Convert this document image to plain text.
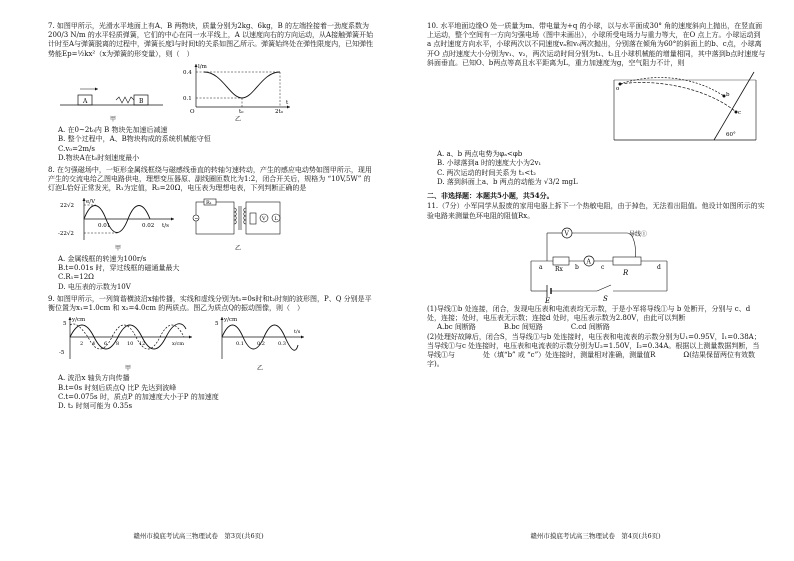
7. 如图甲所示，光滑水平地面上有A、B 两物块，质量分别为2kg、6kg，B 的左端拴接着一劲度系数为 200/3 N/m 的水平轻质弹簧，它们的中心在同一水平线上，A 以速度向右的方向运动，从A接触弹簧开始计时至A与弹簧脱离的过程中，弹簧长度l与时间t的关系如图乙所示。弹簧始终处在弹性限度内，已知弹性势能Ep=½kx²（x为弹簧的形变量），则（　）
A	B
甲
l/m
0.4
0.1
O	t₀	2t₀
t
乙
A. 在0~2t₀内 B 物块先加速后减速
B. 整个过程中，A、B物块构成的系统机械能守恒
C.v₀=2m/s
D.物块A在t₀时刻速度最小
8. 在匀强磁场中，一矩形金属线框绕与磁感线垂直的转轴匀速转动，产生的感应电动势如图甲所示，现用产生的交流电给乙图电路供电，理想变压器原、副线圈匝数比为1:2，闭合开关后，规格为 “10V,5W” 的灯泡L恰好正常发光，R₁为定值，R₂=20Ω，电压表为理想电表，下列判断正确的是
e/V
22√2
-22√2
0.01	0.02 t/s
甲
R₁
~	V L
乙
A. 金属线框的转速为100r/s
B.t=0.01s 时，穿过线框的磁通量最大
C.R₁=12Ω
D. 电压表的示数为10V
9. 如图甲所示，一列简谐横波沿x轴传播，实线和虚线分别为t₁=0s时和t₂时刻的波形图，P、Q 分别是平衡位置为x₁=1.0cm 和 x₂=4.0cm 的两质点。图乙为质点Q的振动图像，则（　）
y/cm
5
-5
2 4 6 8 10 12	x/cm
甲
y/cm
5
0.1	0.2	0.3
t/s
乙
A. 波沿x 轴负方向传播
B.t=0s 时刻后质点Q 比P 先达到波峰
C.t=0.075s 时，质点P 的加速度大小于P 的加速度
D. t₂ 时刻可能为 0.35s
赣州市摸底考试高三物理试卷　第3页(共6页)
10. 水平地面边缘O 处一质量为m、带电量为+q 的小球，以与水平面成30° 角的速度斜向上抛出，在竖直面上运动，整个空间有一方向匀强电场（图中未画出），小球所受电场力与重力等大，在O 点上方。小球运动到 a 点时速度方向水平，小球两次以不同速度vₐ和v₀两次抛出，分别落在倾角为60°的斜面上的b、c点，小球离开O 点时速度大小分别为v₁、v₂，两次运动时间分别为t₁、t₂且小球机械能的增量相同，其中落到b点时速度与斜面垂直。已知O、b两点等高且水平距离为L，重力加速度为g，空气阻力不计，则
o
b
c
60°
A. a、b 两点电势为φₐ<φb
B. 小球落到a 时的速度大小为2v₁
C. 两次运动的时间关系为 t₁<t₂
D. 落到斜面上a、b 两点的动能为 √3/2 mgL
二、非选择题：本题共5小题，共54分。
11.（7分）小军同学从报废的家用电器上拆下一个热敏电阻，由于掉色，无法看出阻值。他设计如图所示的实验电路来测量色环电阻的阻值Rx。
V	导线①
Rx
A
R
a	b	c	d
E	S
(1)导线①b 处连接，闭合，发现电压表和电流表均无示数，于是小军将导线①与 b 处断开，分别与 c、d 处，连接；处时，电压表无示数；连接d 处时，电压表示数为2.80V，由此可以判断
A.bc 间断路　　　　B.bc 间短路　　　　C.cd 间断路
(2)处理好故障后，闭合S，当导线①与b 处连接时，电压表和电流表的示数分别为U₁=0.95V，I₁=0.38A；当导线①与c 处连接时，电压表和电流表的示数分别为U₂=1.50V，I₂=0.34A。根据以上测量数据判断，当导线①与　　　　处（填“b” 或 “c”）处连接时，测量相对准确，测量值R　　　　Ω(结果保留两位有效数字)。
赣州市摸底考试高三物理试卷　第4页(共6页)
